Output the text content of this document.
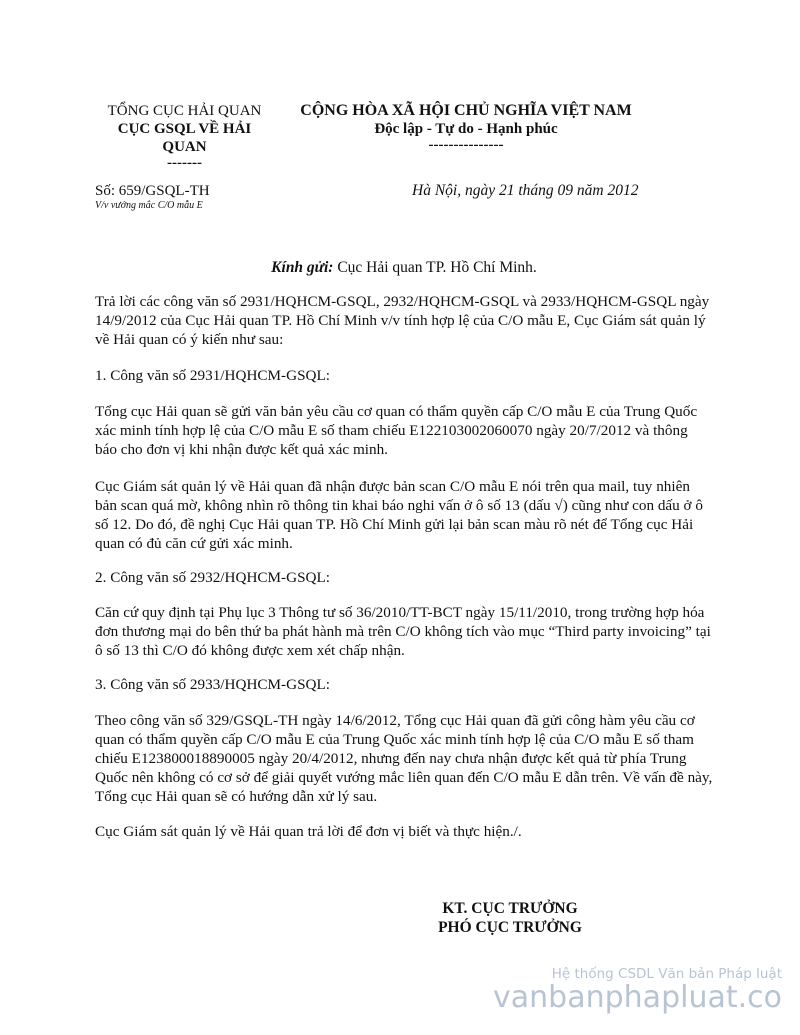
TỔNG CỤC HẢI QUAN
CỤC GSQL VỀ HẢI
QUAN
-------
CỘNG HÒA XÃ HỘI CHỦ NGHĨA VIỆT NAM
Độc lập - Tự do - Hạnh phúc
---------------
Số: 659/GSQL-TH
V/v vướng mắc C/O mẫu E
Hà Nội, ngày 21 tháng 09 năm 2012
Kính gửi: Cục Hải quan TP. Hồ Chí Minh.
Trả lời các công văn số 2931/HQHCM-GSQL, 2932/HQHCM-GSQL và 2933/HQHCM-GSQL ngày 14/9/2012 của Cục Hải quan TP. Hồ Chí Minh v/v tính hợp lệ của C/O mẫu E, Cục Giám sát quản lý về Hải quan có ý kiến như sau:
1. Công văn số 2931/HQHCM-GSQL:
Tổng cục Hải quan sẽ gửi văn bản yêu cầu cơ quan có thẩm quyền cấp C/O mẫu E của Trung Quốc xác minh tính hợp lệ của C/O mẫu E số tham chiếu E122103002060070 ngày 20/7/2012 và thông báo cho đơn vị khi nhận được kết quả xác minh.
Cục Giám sát quản lý về Hải quan đã nhận được bản scan C/O mẫu E nói trên qua mail, tuy nhiên bản scan quá mờ, không nhìn rõ thông tin khai báo nghi vấn ở ô số 13 (dấu √) cũng như con dấu ở ô số 12. Do đó, đề nghị Cục Hải quan TP. Hồ Chí Minh gửi lại bản scan màu rõ nét để Tổng cục Hải quan có đủ căn cứ gửi xác minh.
2. Công văn số 2932/HQHCM-GSQL:
Căn cứ quy định tại Phụ lục 3 Thông tư số 36/2010/TT-BCT ngày 15/11/2010, trong trường hợp hóa đơn thương mại do bên thứ ba phát hành mà trên C/O không tích vào mục “Third party invoicing” tại ô số 13 thì C/O đó không được xem xét chấp nhận.
3. Công văn số 2933/HQHCM-GSQL:
Theo công văn số 329/GSQL-TH ngày 14/6/2012, Tổng cục Hải quan đã gửi công hàm yêu cầu cơ quan có thẩm quyền cấp C/O mẫu E của Trung Quốc xác minh tính hợp lệ của C/O mẫu E số tham chiếu E123800018890005 ngày 20/4/2012, nhưng đến nay chưa nhận được kết quả từ phía Trung Quốc nên không có cơ sở để giải quyết vướng mắc liên quan đến C/O mẫu E dẫn trên. Về vấn đề này, Tổng cục Hải quan sẽ có hướng dẫn xử lý sau.
Cục Giám sát quản lý về Hải quan trả lời để đơn vị biết và thực hiện./.
KT. CỤC TRƯỞNG
PHÓ CỤC TRƯỞNG
Hệ thống CSDL Văn bản Pháp luật
vanbanphapluat.co
